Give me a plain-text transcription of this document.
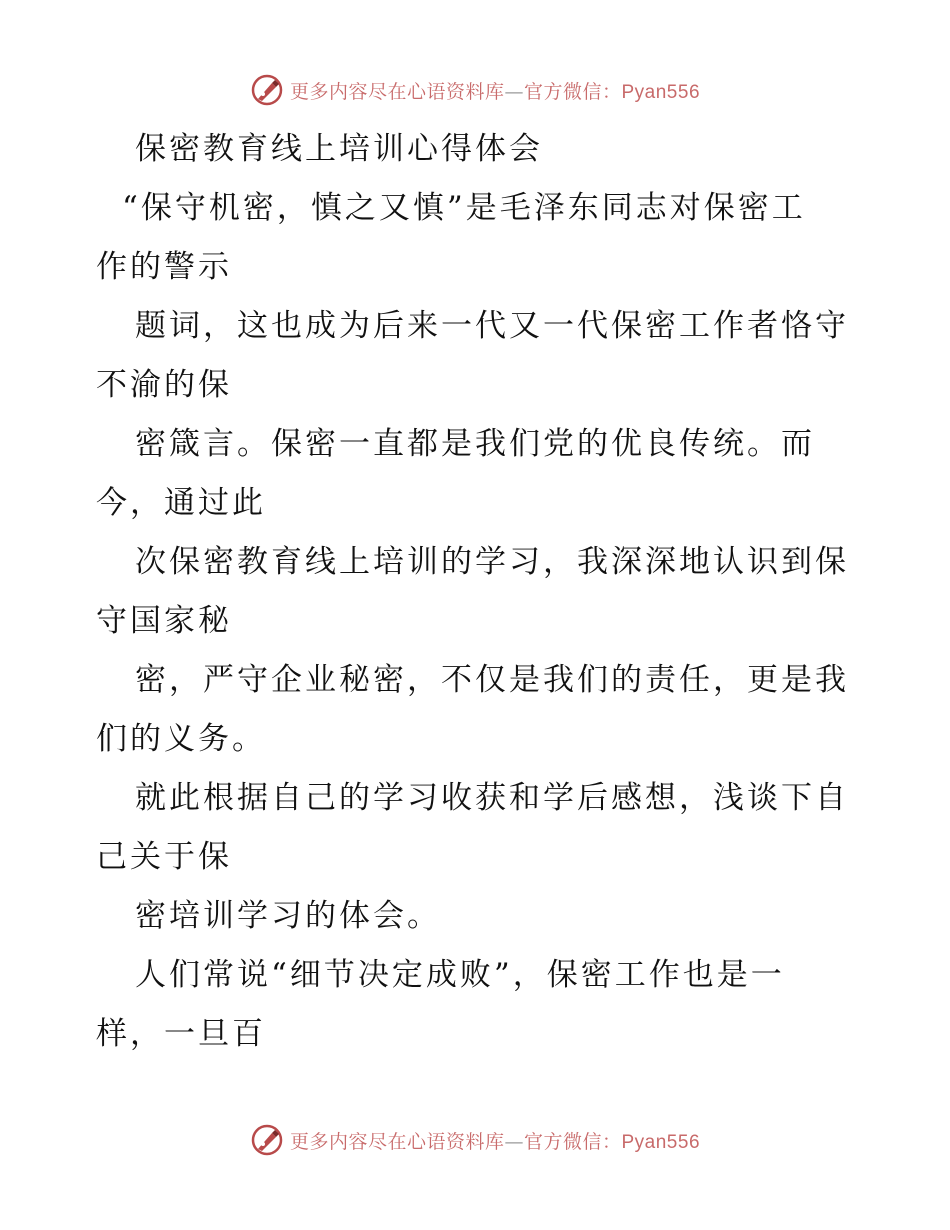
更多内容尽在心语资料库—官方微信：Pyan556
保密教育线上培训心得体会
“保守机密，慎之又慎”是毛泽东同志对保密工
作的警示
题词，这也成为后来一代又一代保密工作者恪守
不渝的保
密箴言。保密一直都是我们党的优良传统。而
今，通过此
次保密教育线上培训的学习，我深深地认识到保
守国家秘
密，严守企业秘密，不仅是我们的责任，更是我
们的义务。
就此根据自己的学习收获和学后感想，浅谈下自
己关于保
密培训学习的体会。
人们常说“细节决定成败”，保密工作也是一
样，一旦百
更多内容尽在心语资料库—官方微信：Pyan556
